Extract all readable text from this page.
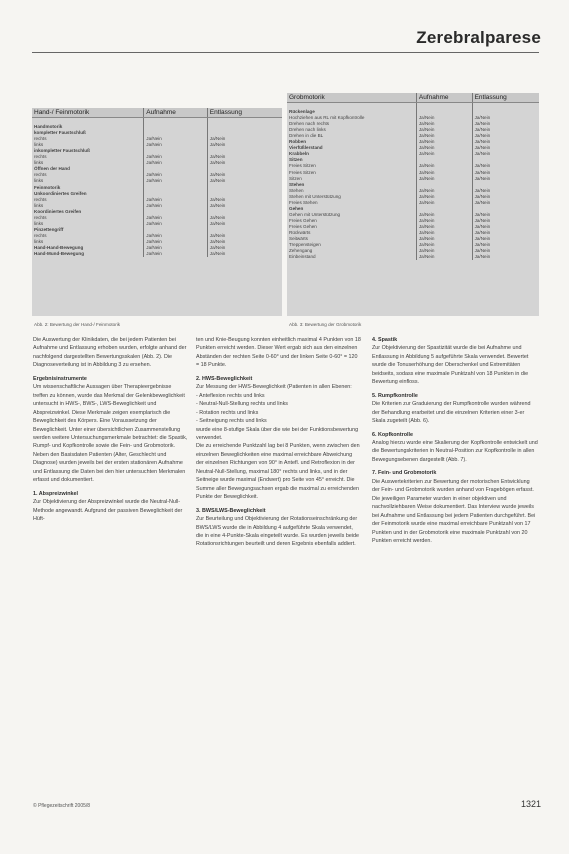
Zerebralparese
Hand-/ Feinmotorik	Aufnahme	Entlassung
Handmotorik
kompletter Faustschluß
rechts	Ja/Nein	Ja/Nein
links	Ja/Nein	Ja/Nein
inkompletter Faustschluß
rechts	Ja/Nein	Ja/Nein
links	Ja/Nein	Ja/Nein
Öffnen der Hand
rechts	Ja/Nein	Ja/Nein
links	Ja/Nein	Ja/Nein
Feinmotorik
Unkoordiniertes Greifen
rechts	Ja/Nein	Ja/Nein
links	Ja/Nein	Ja/Nein
Koordiniertes Greifen
rechts	Ja/Nein	Ja/Nein
links	Ja/Nein	Ja/Nein
Pinzettengriff
rechts	Ja/Nein	Ja/Nein
links	Ja/Nein	Ja/Nein
Hand-Hand-Bewegung	Ja/Nein	Ja/Nein
Hand-Mund-Bewegung	Ja/Nein	Ja/Nein
Abb. 2: Bewertung der Hand-/ Feinmotorik
Grobmotorik	Aufnahme	Entlassung
Rückenlage
Hochziehen aus RL mit Kopfkontrolle	Ja/Nein	Ja/Nein
Drehen nach rechts	Ja/Nein	Ja/Nein
Drehen nach links	Ja/Nein	Ja/Nein
Drehen in die BL	Ja/Nein	Ja/Nein
Robben	Ja/Nein	Ja/Nein
Vierfüßlerstand	Ja/Nein	Ja/Nein
Krabbeln	Ja/Nein	Ja/Nein
Sitzen
Freies Sitzen	Ja/Nein	Ja/Nein
Freies Sitzen	Ja/Nein	Ja/Nein
Sitzen	Ja/Nein	Ja/Nein
Stehen
Stehen	Ja/Nein	Ja/Nein
Stehen mit Unterstützung	Ja/Nein	Ja/Nein
Freies Stehen	Ja/Nein	Ja/Nein
Gehen
Gehen mit Unterstützung	Ja/Nein	Ja/Nein
Freies Gehen	Ja/Nein	Ja/Nein
Freies Gehen	Ja/Nein	Ja/Nein
Rückwärts	Ja/Nein	Ja/Nein
Seitwärts	Ja/Nein	Ja/Nein
Treppensteigen	Ja/Nein	Ja/Nein
Zehengang	Ja/Nein	Ja/Nein
Einbeinstand	Ja/Nein	Ja/Nein
Abb. 3: Bewertung der Grobmotorik

Die Auswertung der Klinikdaten, die bei jedem Patienten bei Aufnahme und Entlassung erhoben wurden, erfolgte anhand der nachfolgend dargestellten Bewertungsskalen (Abb. 2). Die Diagnoseverteilung ist in Abbildung 3 zu ersehen.

Ergebnisinstrumente

Um wissenschaftliche Aussagen über Therapieergebnisse treffen zu können, wurde das Merkmal der Gelenkbeweglichkeit untersucht in HWS-, BWS-, LWS-Beweglichkeit und Abspreizwinkel. Diese Merkmale zeigen exemplarisch die Beweglichkeit des Körpers. Eine Voraussetzung der Beweglichkeit. Unter einer übersichtlichen Zusammenstellung werden weitere Untersuchungsmerkmale betrachtet: die Spastik, Rumpf- und Kopfkontrolle sowie die Fein- und Grobmotorik.

Neben den Basisdaten Patienten (Alter, Geschlecht und Diagnose) wurden jeweils bei der ersten stationären Aufnahme und Entlassung die Daten bei den hier untersuchten Merkmalen erfasst und dokumentiert.

1. Abspreizwinkel

Zur Objektivierung der Abspreizwinkel wurde die Neutral-Null-Methode angewandt. Aufgrund der passiven Beweglichkeit der Hüft-

ten und Knie-Beugung konnten einheitlich maximal 4 Punkten von 18 Punkten erreicht werden. Dieser Wert ergab sich aus den einzelnen Abständen der rechten Seite 0-60° und der linken Seite 0-60° = 120 = 18 Punkte.

2. HWS-Beweglichkeit

Zur Messung der HWS-Beweglichkeit (Patienten in allen Ebenen:

- Anteflexion rechts und links

- Neutral-Null-Stellung rechts und links

- Rotation rechts und links

- Seitneigung rechts und links

wurde eine 8-stufige Skala über die wie bei der Funktionsbewertung verwendet.

Die zu erreichende Punktzahl lag bei 8 Punkten, wenn zwischen den einzelnen Beweglichkeiten eine maximal erreichbare Abweichung der einzelnen Richtungen von 90° in Antefl. und Retroflexion in der Neutral-Null-Stellung, maximal 180° rechts und links, und in der Seitneige wurde maximal (Endwert) pro Seite von 45° erreicht. Die Summe aller Bewegungsachsen ergab die maximal zu erreichenden Punkte der Beweglichkeit.

3. BWS/LWS-Beweglichkeit

Zur Beurteilung und Objektivierung der Rotationseinschränkung der BWS/LWS wurde die in Abbildung 4 aufgeführte Skala verwendet, die in eine 4-Punkte-Skala eingeteilt wurde. Es wurden jeweils beide Rotationsrichtungen beurteilt und deren Ergebnis ebenfalls addiert.

4. Spastik

Zur Objektivierung der Spastizität wurde die bei Aufnahme und Entlassung in Abbildung 5 aufgeführte Skala verwendet. Bewertet wurde die Tonuserhöhung der Oberschenkel und Extremitäten beidseits, sodass eine maximale Punktzahl von 18 Punkten in die Bewertung einfloss.

5. Rumpfkontrolle

Die Kriterien zur Graduierung der Rumpfkontrolle wurden während der Behandlung erarbeitet und die einzelnen Kriterien einer 3-er Skala zugeteilt (Abb. 6).

6. Kopfkontrolle

Analog hierzu wurde eine Skalierung der Kopfkontrolle entwickelt und die Bewertungskriterien in Neutral-Position zur Kopfkontrolle in allen Bewegungsebenen dargestellt (Abb. 7).

7. Fein- und Grobmotorik

Die Auswertekriterien zur Bewertung der motorischen Entwicklung der Fein- und Grobmotorik wurden anhand von Fragebögen erfasst. Die jeweiligen Parameter wurden in einer objektiven und nachvollziehbaren Weise dokumentiert. Das Interview wurde jeweils bei Aufnahme und Entlassung bei jedem Patienten durchgeführt. Bei der Feinmotorik wurde eine maximal erreichbare Punktzahl von 17 Punkten und in der Grobmotorik eine maximale Punktzahl von 20 Punkten erreicht werden.

© Pflegezeitschrift 2005/8	1321
